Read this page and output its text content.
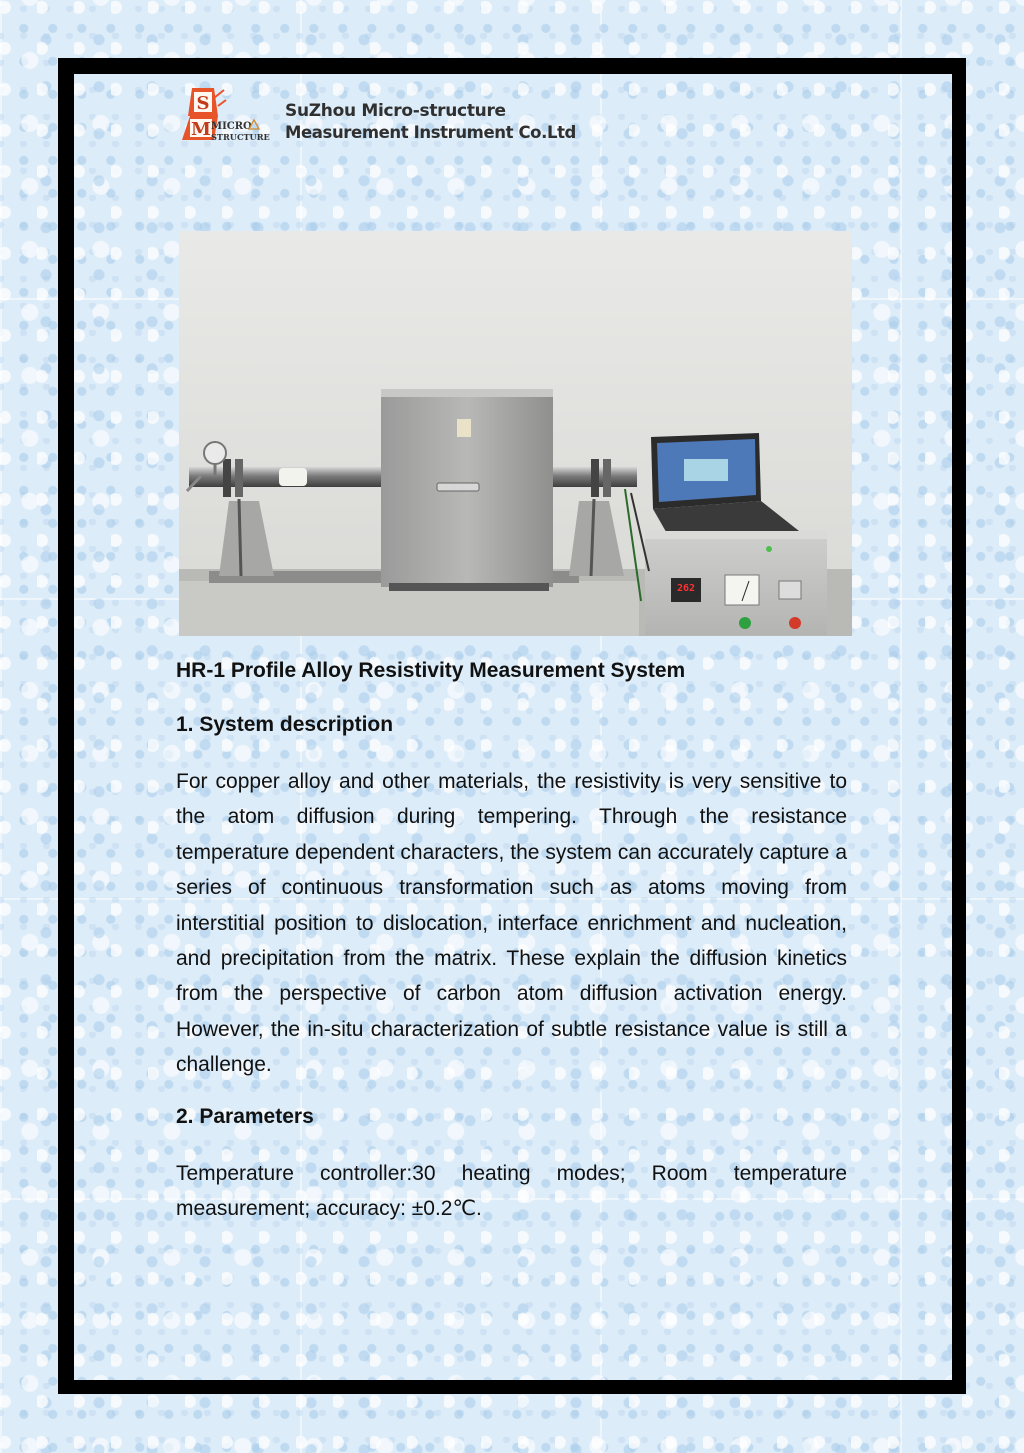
S
M MICRO
STRUCTURE
SuZhou Micro-structure
Measurement Instrument Co.Ltd
262
HR-1 Profile Alloy Resistivity Measurement System
1. System description
For copper alloy and other materials, the resistivity is very sensitive to the atom diffusion during tempering. Through the resistance temperature dependent characters, the system can accurately capture a series of continuous transformation such as atoms moving from interstitial position to dislocation, interface enrichment and nucleation, and precipitation from the matrix. These explain the diffusion kinetics from the perspective of carbon atom diffusion activation energy. However, the in-situ characterization of subtle resistance value is still a challenge.
2. Parameters
Temperature controller:30 heating modes; Room temperature measurement; accuracy: ±0.2℃.
